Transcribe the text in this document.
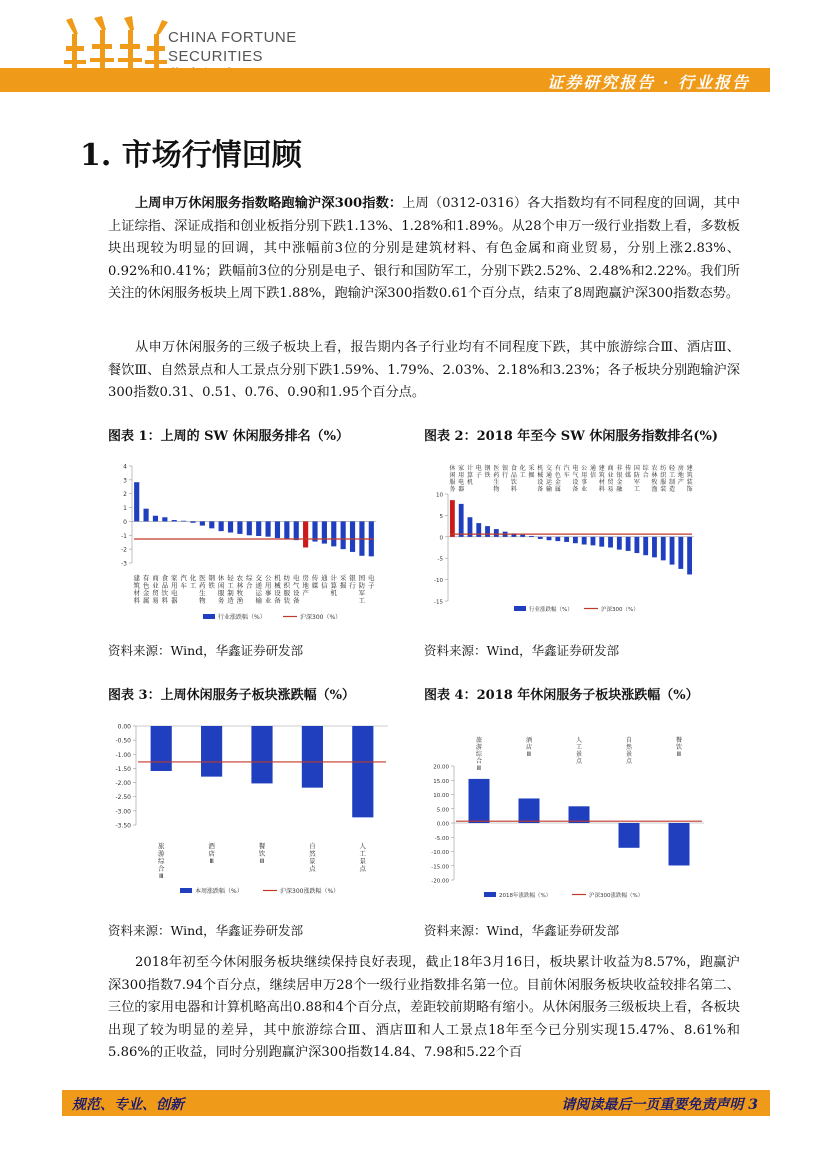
CHINA FORTUNE
SECURITIES
证券研究报告 · 行业报告
1. 市场行情回顾

上周申万休闲服务指数略跑输沪深300指数：上周（0312-0316）各大指数均有不同程度的回调，其中上证综指、深证成指和创业板指分别下跌1.13%、1.28%和1.89%。从28个申万一级行业指数上看，多数板块出现较为明显的回调，其中涨幅前3位的分别是建筑材料、有色金属和商业贸易，分别上涨2.83%、0.92%和0.41%；跌幅前3位的分别是电子、银行和国防军工，分别下跌2.52%、2.48%和2.22%。我们所关注的休闲服务板块上周下跌1.88%，跑输沪深300指数0.61个百分点，结束了8周跑赢沪深300指数态势。

从申万休闲服务的三级子板块上看，报告期内各子行业均有不同程度下跌，其中旅游综合Ⅲ、酒店Ⅲ、餐饮Ⅲ、自然景点和人工景点分别下跌1.59%、1.79%、2.03%、2.18%和3.23%；各子板块分别跑输沪深300指数0.31、0.51、0.76、0.90和1.95个百分点。

图表 1：上周的 SW 休闲服务排名（%）	图表 2：2018 年至今 SW 休闲服务指数排名(%)
4
3
2
1
0
-1
-2
-3
建筑材料
有色金属
商业贸易
食品饮料
家用电器
汽车
化工
医药生物
钢铁
休闲服务
轻工制造
农林牧渔
综合
交通运输
公用事业
机械设备
纺织服装
电气设备
房地产
传媒
通信
计算机
采掘
银行
国防军工
电子
行业涨跌幅（%）	沪深300（%）
10
5
0
-5
-10
-15
休闲服务
家用电器
计算机
电子
钢铁
医药生物
银行
食品饮料
化工
采掘
机械设备
交通运输
有色金属
汽车
电气设备
公用事业
通信
建筑材料
商业贸易
非银金融
传媒
国防军工
综合
农林牧渔
纺织服装
轻工制造
房地产
建筑装饰
行业涨跌幅（%）	沪深300（%）
资料来源：Wind，华鑫证券研发部	资料来源：Wind，华鑫证券研发部
图表 3：上周休闲服务子板块涨跌幅（%）	图表 4：2018 年休闲服务子板块涨跌幅（%）
0.00
-0.50
-1.00
-1.50
-2.00
-2.50
-3.00
-3.50
旅游综合 Ⅲ
酒店 Ⅲ
餐饮 Ⅲ
自然景点
人工景点
本周涨跌幅（%）	沪深300涨跌幅（%）
20.00
15.00
10.00
5.00
0.00
-5.00
-10.00
-15.00
-20.00
旅游综合 Ⅲ
酒店 Ⅲ
人工景点
自然景点
餐饮 Ⅲ
2018年涨跌幅（%）	沪深300涨跌幅（%）
资料来源：Wind，华鑫证券研发部	资料来源：Wind，华鑫证券研发部

2018年初至今休闲服务板块继续保持良好表现，截止18年3月16日，板块累计收益为8.57%，跑赢沪深300指数7.94个百分点，继续居申万28个一级行业指数排名第一位。目前休闲服务板块收益较排名第二、三位的家用电器和计算机略高出0.88和4个百分点，差距较前期略有缩小。从休闲服务三级板块上看，各板块出现了较为明显的差异，其中旅游综合Ⅲ、酒店Ⅲ和人工景点18年至今已分别实现15.47%、8.61%和5.86%的正收益，同时分别跑赢沪深300指数14.84、7.98和5.22个百

规范、专业、创新	请阅读最后一页重要免责声明 3
